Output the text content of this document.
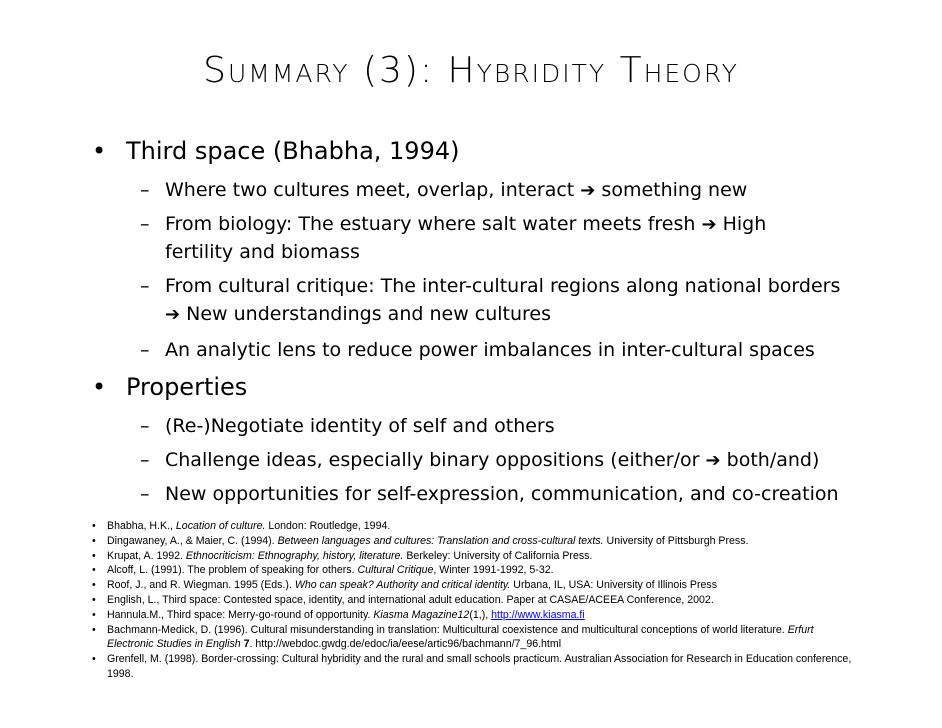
Summary (3): Hybridity Theory
• Third space (Bhabha, 1994)
– Where two cultures meet, overlap, interact ➔ something new
– From biology: The estuary where salt water meets fresh ➔ High
fertility and biomass
– From cultural critique: The inter-cultural regions along national borders
➔ New understandings and new cultures
– An analytic lens to reduce power imbalances in inter-cultural spaces
• Properties
– (Re-)Negotiate identity of self and others
– Challenge ideas, especially binary oppositions (either/or ➔ both/and)
– New opportunities for self-expression, communication, and co-creation
• Bhabha, H.K., Location of culture. London: Routledge, 1994.
• Dingawaney, A., & Maier, C. (1994). Between languages and cultures: Translation and cross-cultural texts. University of Pittsburgh Press.
• Krupat, A. 1992. Ethnocriticism: Ethnography, history, literature. Berkeley: University of California Press.
• Alcoff, L. (1991). The problem of speaking for others. Cultural Critique, Winter 1991-1992, 5-32.
• Roof, J., and R. Wiegman. 1995 (Eds.). Who can speak? Authority and critical identity. Urbana, IL, USA: University of Illinois Press
• English, L., Third space: Contested space, identity, and international adult education. Paper at CASAE/ACEEA Conference, 2002.
• Hannula.M., Third space: Merry-go-round of opportunity. Kiasma Magazine12(1,), http://www.kiasma.fi
• Bachmann-Medick, D. (1996). Cultural misunderstanding in translation: Multicultural coexistence and multicultural conceptions of world literature. Erfurt Electronic Studies in English 7. http://webdoc.gwdg.de/edoc/ia/eese/artic96/bachmann/7_96.html
• Grenfell, M. (1998). Border-crossing: Cultural hybridity and the rural and small schools practicum. Australian Association for Research in Education conference, 1998.
